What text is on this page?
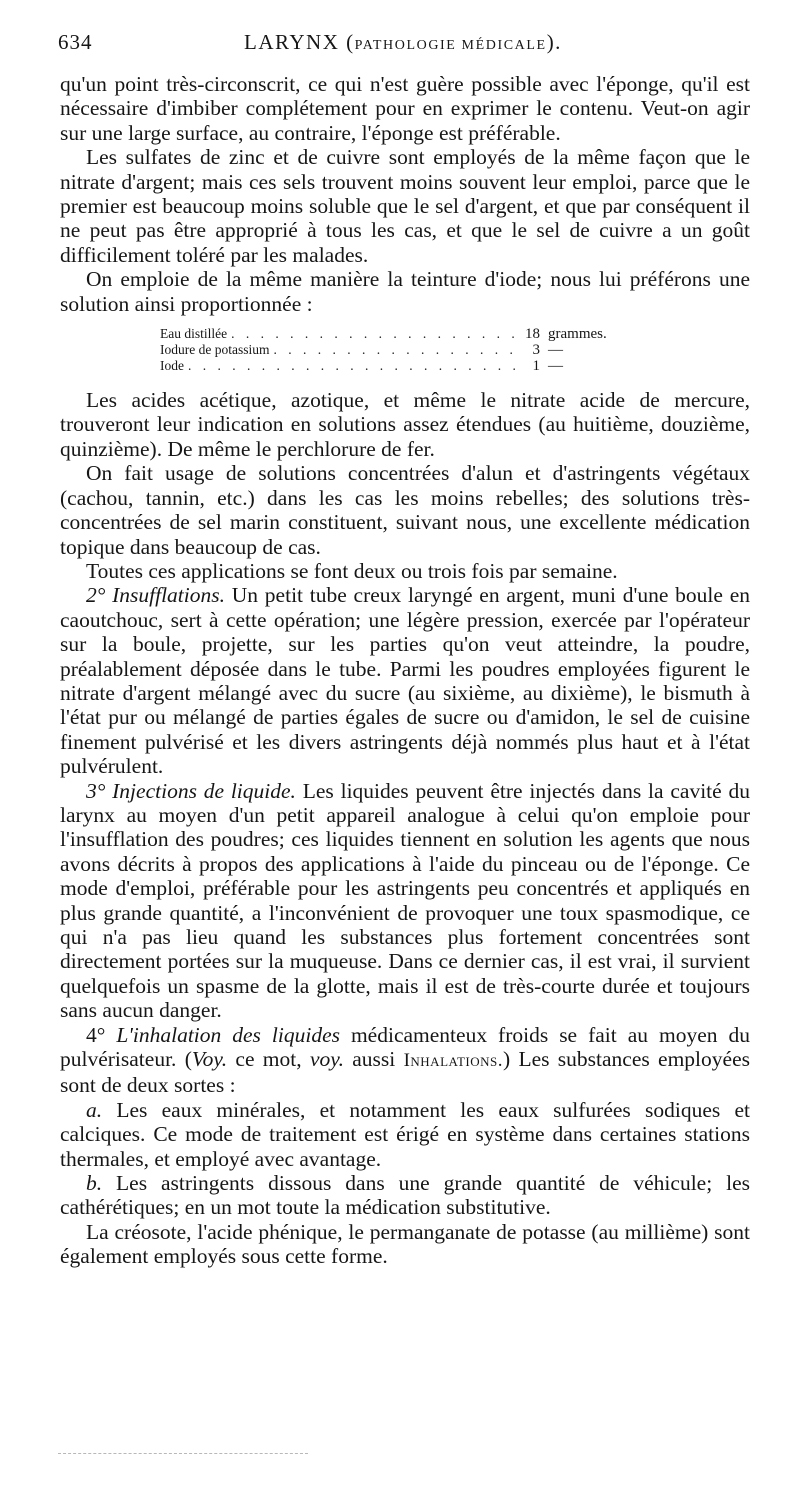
634	LARYNX (PATHOLOGIE MÉDICALE).

qu'un point très-circonscrit, ce qui n'est guère possible avec l'éponge, qu'il est nécessaire d'imbiber complétement pour en exprimer le contenu. Veut-on agir sur une large surface, au contraire, l'éponge est préférable.

Les sulfates de zinc et de cuivre sont employés de la même façon que le nitrate d'argent; mais ces sels trouvent moins souvent leur emploi, parce que le premier est beaucoup moins soluble que le sel d'argent, et que par conséquent il ne peut pas être approprié à tous les cas, et que le sel de cuivre a un goût difficilement toléré par les malades.

On emploie de la même manière la teinture d'iode; nous lui préférons une solution ainsi proportionnée :

Eau distillée . . .	18 grammes.
Iodure de potassium . . .	3 —
Iode . . .	1 —

Les acides acétique, azotique, et même le nitrate acide de mercure, trouveront leur indication en solutions assez étendues (au huitième, douzième, quinzième). De même le perchlorure de fer.

On fait usage de solutions concentrées d'alun et d'astringents végétaux (cachou, tannin, etc.) dans les cas les moins rebelles; des solutions très-concentrées de sel marin constituent, suivant nous, une excellente médication topique dans beaucoup de cas.

Toutes ces applications se font deux ou trois fois par semaine.

2° Insufflations. Un petit tube creux laryngé en argent, muni d'une boule en caoutchouc, sert à cette opération; une légère pression, exercée par l'opérateur sur la boule, projette, sur les parties qu'on veut atteindre, la poudre, préalablement déposée dans le tube. Parmi les poudres employées figurent le nitrate d'argent mélangé avec du sucre (au sixième, au dixième), le bismuth à l'état pur ou mélangé de parties égales de sucre ou d'amidon, le sel de cuisine finement pulvérisé et les divers astringents déjà nommés plus haut et à l'état pulvérulent.

3° Injections de liquide. Les liquides peuvent être injectés dans la cavité du larynx au moyen d'un petit appareil analogue à celui qu'on emploie pour l'insufflation des poudres; ces liquides tiennent en solution les agents que nous avons décrits à propos des applications à l'aide du pinceau ou de l'éponge. Ce mode d'emploi, préférable pour les astringents peu concentrés et appliqués en plus grande quantité, a l'inconvénient de provoquer une toux spasmodique, ce qui n'a pas lieu quand les substances plus fortement concentrées sont directement portées sur la muqueuse. Dans ce dernier cas, il est vrai, il survient quelquefois un spasme de la glotte, mais il est de très-courte durée et toujours sans aucun danger.

4° L'inhalation des liquides médicamenteux froids se fait au moyen du pulvérisateur. (Voy. ce mot, voy. aussi Inhalations.) Les substances employées sont de deux sortes :

a. Les eaux minérales, et notamment les eaux sulfurées sodiques et calciques. Ce mode de traitement est érigé en système dans certaines stations thermales, et employé avec avantage.

b. Les astringents dissous dans une grande quantité de véhicule; les cathérétiques; en un mot toute la médication substitutive.

La créosote, l'acide phénique, le permanganate de potasse (au millième) sont également employés sous cette forme.
